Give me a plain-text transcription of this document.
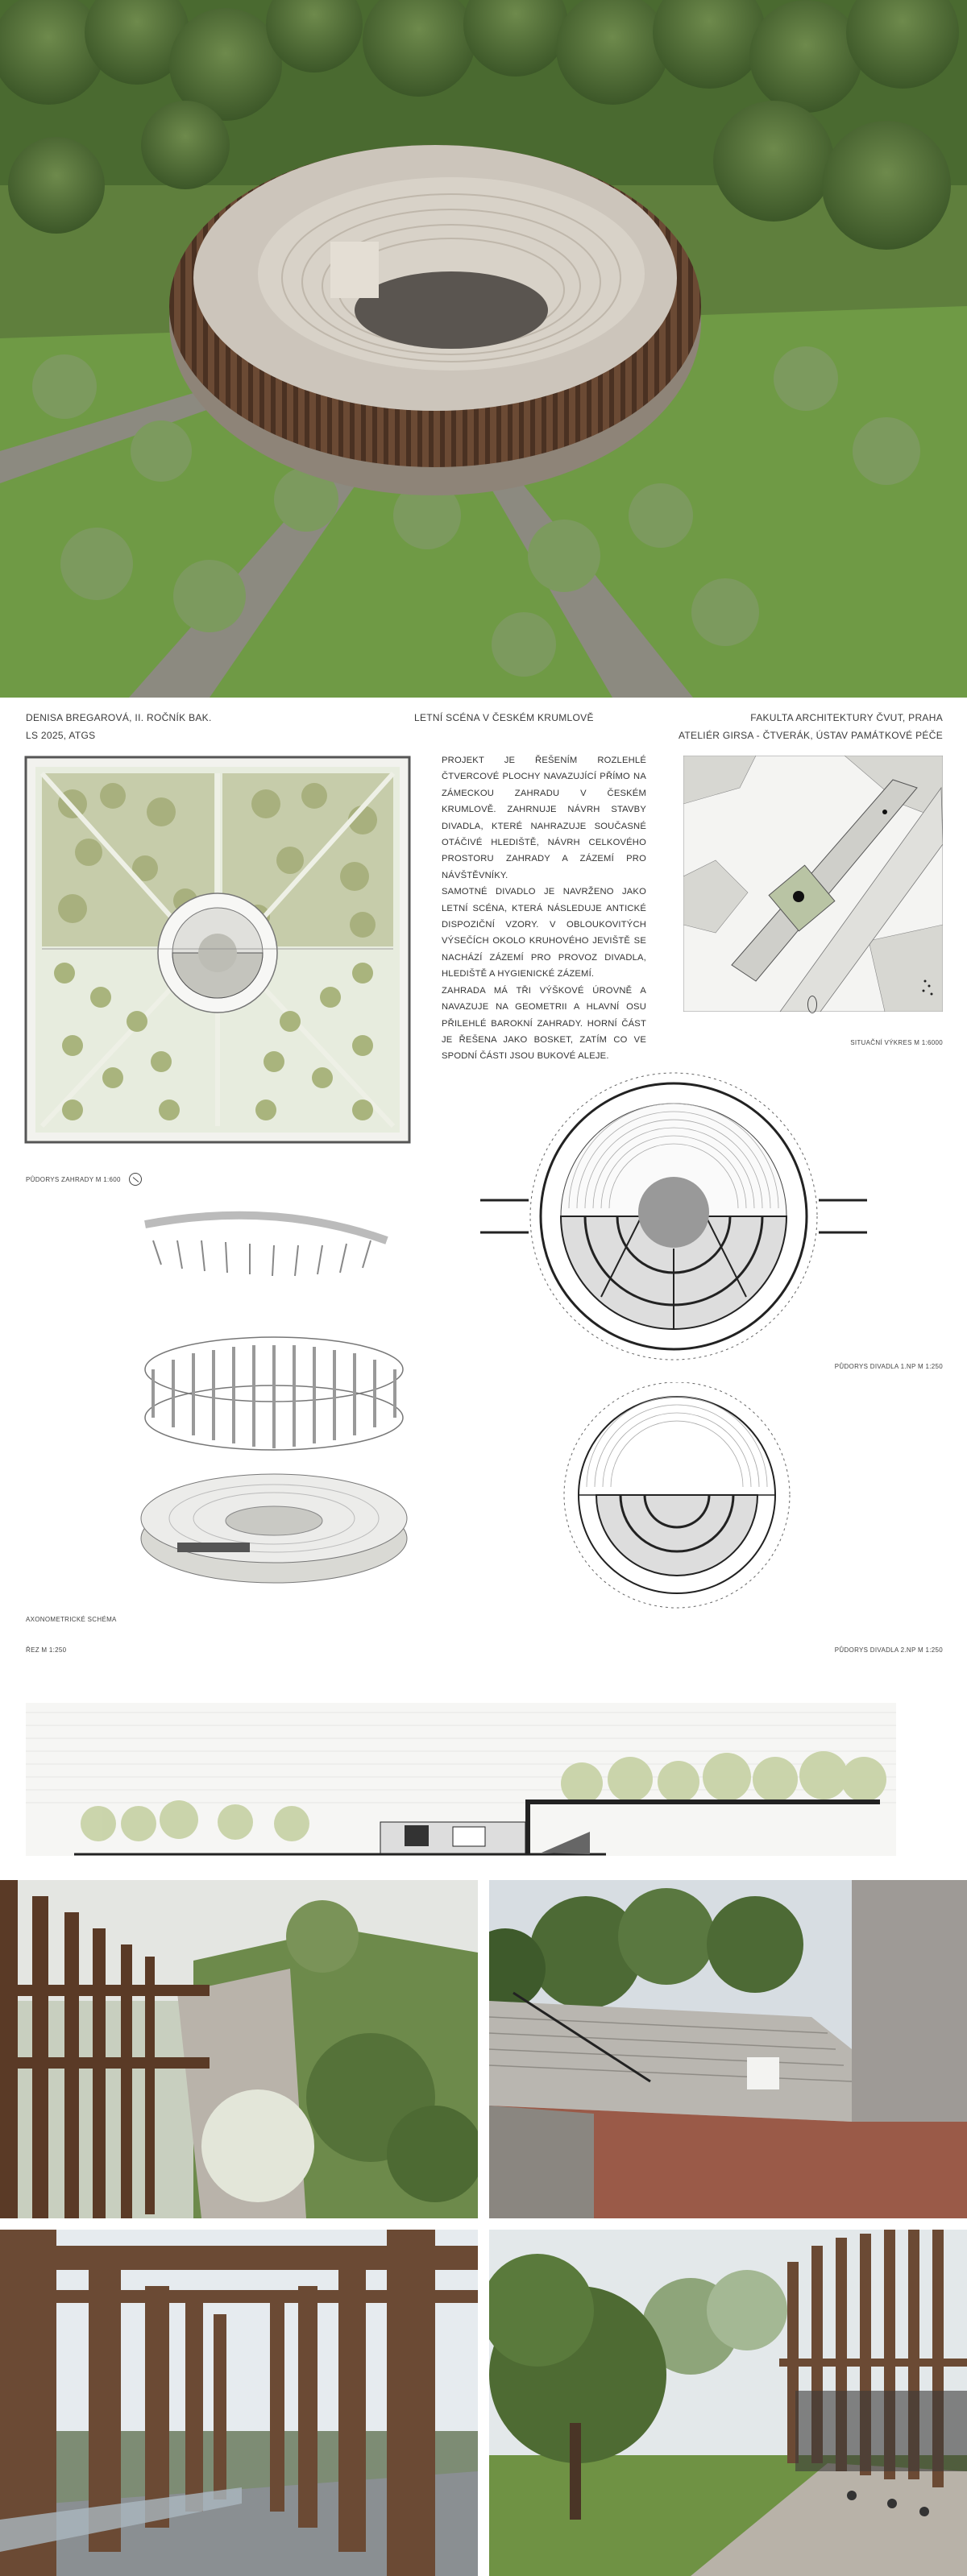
DENISA BREGAROVÁ, II. ROČNÍK BAK.
LS 2025, ATGS
LETNÍ SCÉNA V ČESKÉM KRUMLOVĚ	FAKULTA ARCHITEKTURY ČVUT, PRAHA
ATELIÉR GIRSA - ČTVERÁK, ÚSTAV PAMÁTKOVÉ PÉČE
PŮDORYS ZAHRADY M 1:600

PROJEKT JE ŘEŠENÍM ROZLEHLÉ ČTVERCOVÉ PLOCHY NAVAZUJÍCÍ PŘÍMO NA ZÁMECKOU ZAHRADU V ČESKÉM KRUMLOVĚ. ZAHRNUJE NÁVRH STAVBY DIVADLA, KTERÉ NAHRAZUJE SOUČASNÉ OTÁČIVÉ HLEDIŠTĚ, NÁVRH CELKOVÉHO PROSTORU ZAHRADY A ZÁZEMÍ PRO NÁVŠTĚVNÍKY.

SAMOTNÉ DIVADLO JE NAVRŽENO JAKO LETNÍ SCÉNA, KTERÁ NÁSLEDUJE ANTICKÉ DISPOZIČNÍ VZORY. V OBLOUKOVITÝCH VÝSEČÍCH OKOLO KRUHOVÉHO JEVIŠTĚ SE NACHÁZÍ ZÁZEMÍ PRO PROVOZ DIVADLA, HLEDIŠTĚ A HYGIENICKÉ ZÁZEMÍ.

ZAHRADA MÁ TŘI VÝŠKOVÉ ÚROVNĚ A NAVAZUJE NA GEOMETRII A HLAVNÍ OSU PŘILEHLÉ BAROKNÍ ZAHRADY. HORNÍ ČÁST JE ŘEŠENA JAKO BOSKET, ZATÍM CO VE SPODNÍ ČÁSTI JSOU BUKOVÉ ALEJE.

SITUAČNÍ VÝKRES M 1:6000
AXONOMETRICKÉ SCHÉMA
PŮDORYS DIVADLA 1.NP M 1:250
PŮDORYS DIVADLA 2.NP M 1:250
ŘEZ M 1:250
